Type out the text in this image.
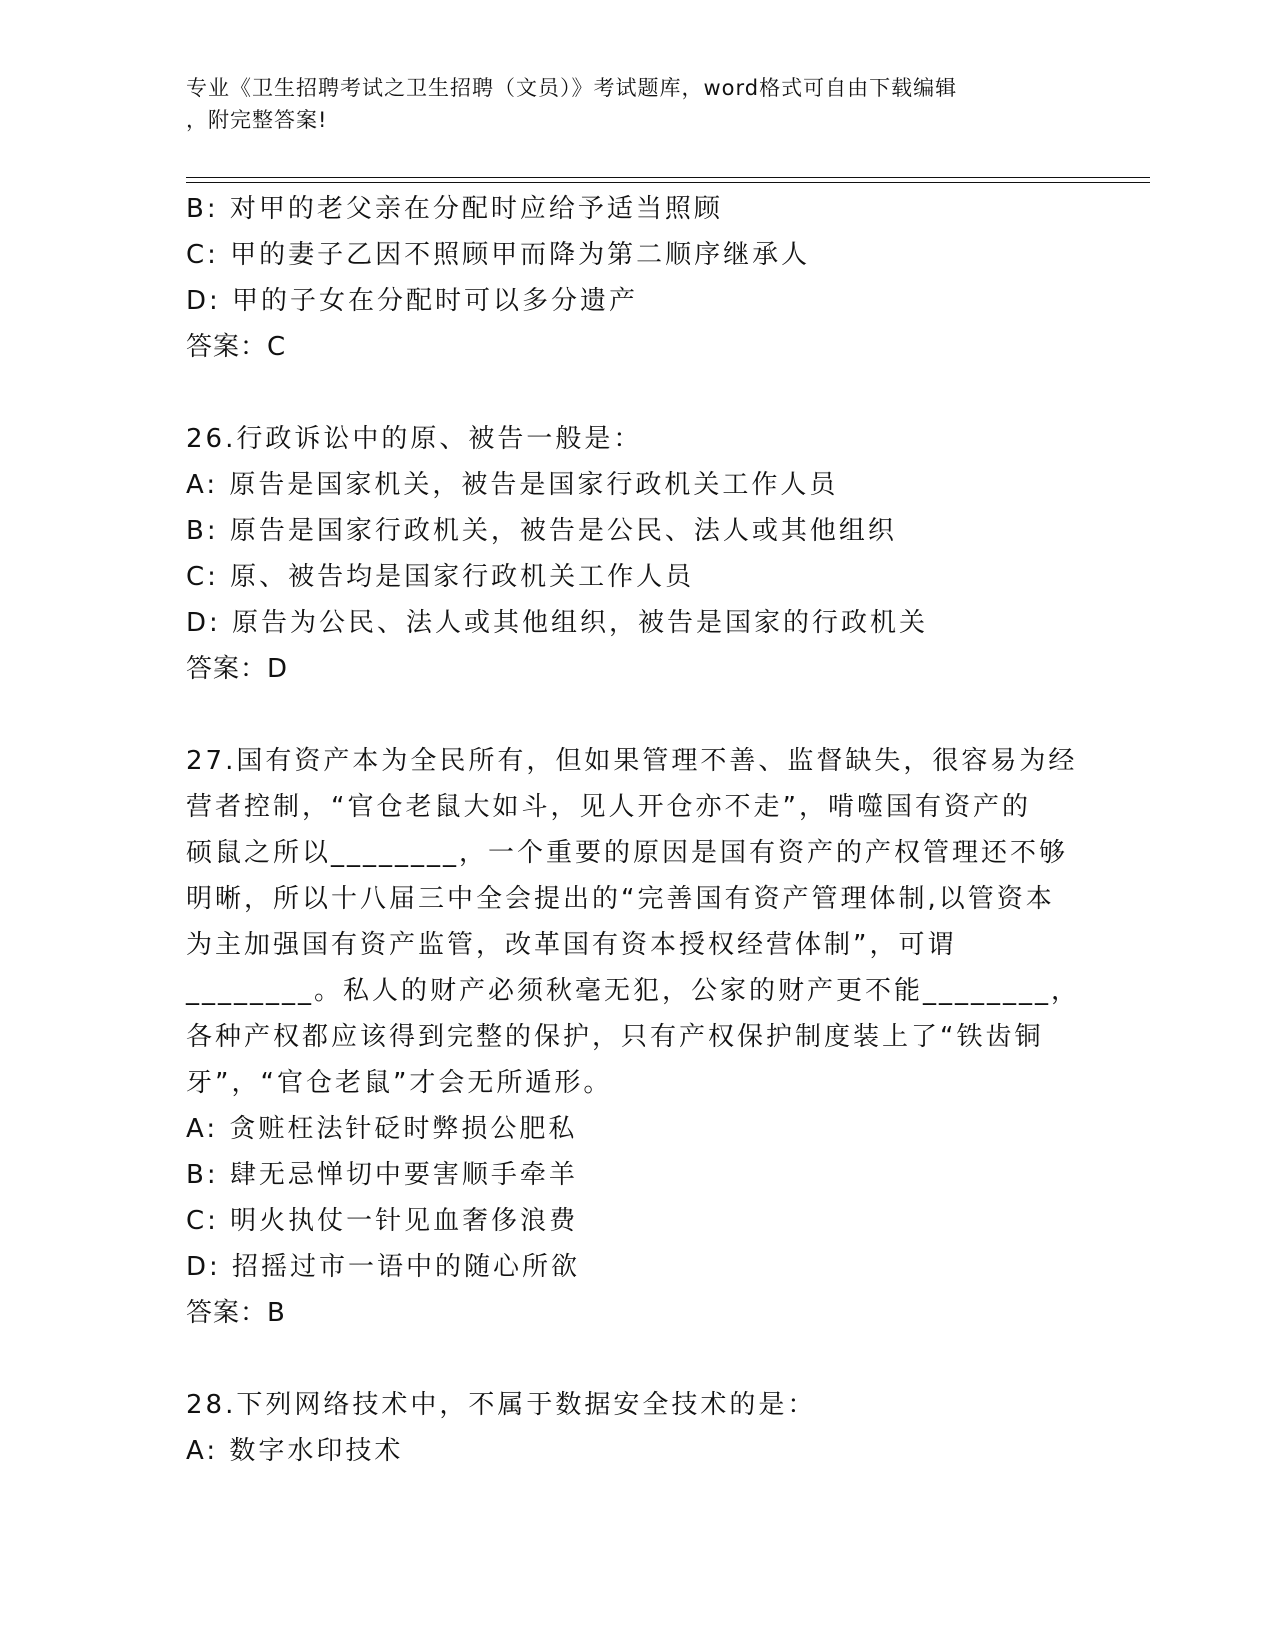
专业《卫生招聘考试之卫生招聘（文员）》考试题库，word格式可自由下载编辑
，附完整答案!
B: 对甲的老父亲在分配时应给予适当照顾
C: 甲的妻子乙因不照顾甲而降为第二顺序继承人
D: 甲的子女在分配时可以多分遗产
答案：C
26.行政诉讼中的原、被告一般是：
A: 原告是国家机关，被告是国家行政机关工作人员
B: 原告是国家行政机关，被告是公民、法人或其他组织
C: 原、被告均是国家行政机关工作人员
D: 原告为公民、法人或其他组织，被告是国家的行政机关
答案：D
27.国有资产本为全民所有，但如果管理不善、监督缺失，很容易为经
营者控制，“官仓老鼠大如斗，见人开仓亦不走”，啃噬国有资产的
硕鼠之所以________，一个重要的原因是国有资产的产权管理还不够
明晰，所以十八届三中全会提出的“完善国有资产管理体制,以管资本
为主加强国有资产监管，改革国有资本授权经营体制”，可谓
________。私人的财产必须秋毫无犯，公家的财产更不能________，
各种产权都应该得到完整的保护，只有产权保护制度装上了“铁齿铜
牙”，“官仓老鼠”才会无所遁形。
A: 贪赃枉法针砭时弊损公肥私
B: 肆无忌惮切中要害顺手牵羊
C: 明火执仗一针见血奢侈浪费
D: 招摇过市一语中的随心所欲
答案：B
28.下列网络技术中，不属于数据安全技术的是：
A: 数字水印技术
